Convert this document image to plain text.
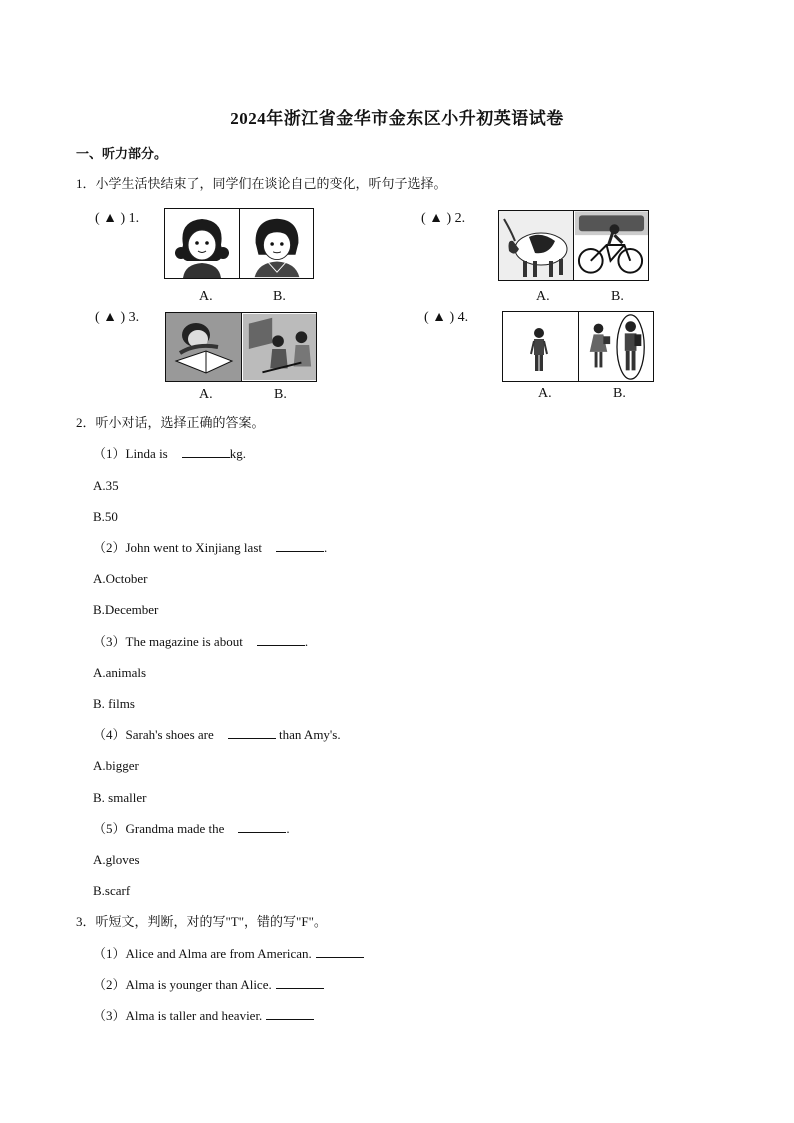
2024年浙江省金华市金东区小升初英语试卷
一、听力部分。
1．小学生活快结束了，同学们在谈论自己的变化，听句子选择。
( ▲ ) 1.
A.	B.
( ▲ ) 2.
A.	B.
( ▲ ) 3.
A.	B.
( ▲ ) 4.
A.	B.
2．听小对话，选择正确的答案。
（1）Linda is	kg.
A.35
B.50
（2）John went to Xinjiang last	.
A.October
B.December
（3）The magazine is about	.
A.animals
B. films
（4）Sarah's shoes are	than Amy's.
A.bigger
B. smaller
（5）Grandma made the	.
A.gloves
B.scarf
3．听短文，判断，对的写"T"，错的写"F"。
（1）Alice and Alma are from American.
（2）Alma is younger than Alice.
（3）Alma is taller and heavier.
